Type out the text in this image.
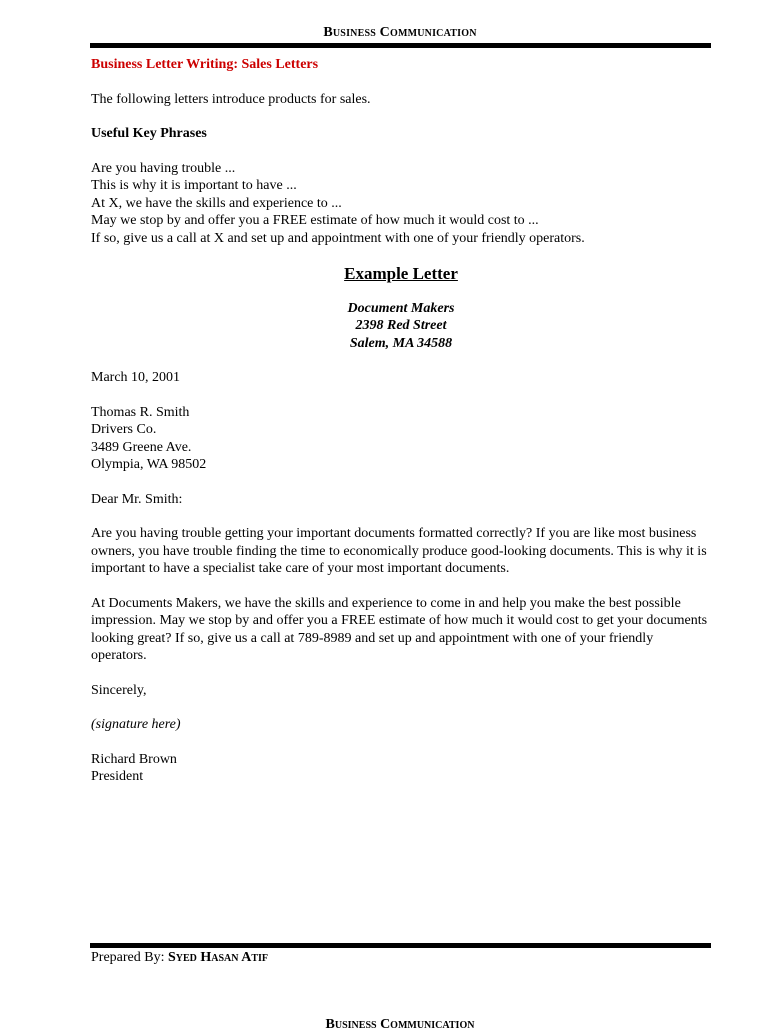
Business Communication

Business Letter Writing: Sales Letters

The following letters introduce products for sales.

Useful Key Phrases

Are you having trouble ...

This is why it is important to have ...

At X, we have the skills and experience to ...

May we stop by and offer you a FREE estimate of how much it would cost to ...

If so, give us a call at X and set up and appointment with one of your friendly operators.

Example Letter

Document Makers

2398 Red Street

Salem, MA 34588

March 10, 2001

Thomas R. Smith

Drivers Co.

3489 Greene Ave.

Olympia, WA 98502

Dear Mr. Smith:

Are you having trouble getting your important documents formatted correctly? If you are like most business owners, you have trouble finding the time to economically produce good-looking documents. This is why it is important to have a specialist take care of your most important documents.

At Documents Makers, we have the skills and experience to come in and help you make the best possible impression. May we stop by and offer you a FREE estimate of how much it would cost to get your documents looking great? If so, give us a call at 789-8989 and set up and appointment with one of your friendly operators.

Sincerely,

(signature here)

Richard Brown

President

Prepared By: Syed Hasan Atif
Business Communication
